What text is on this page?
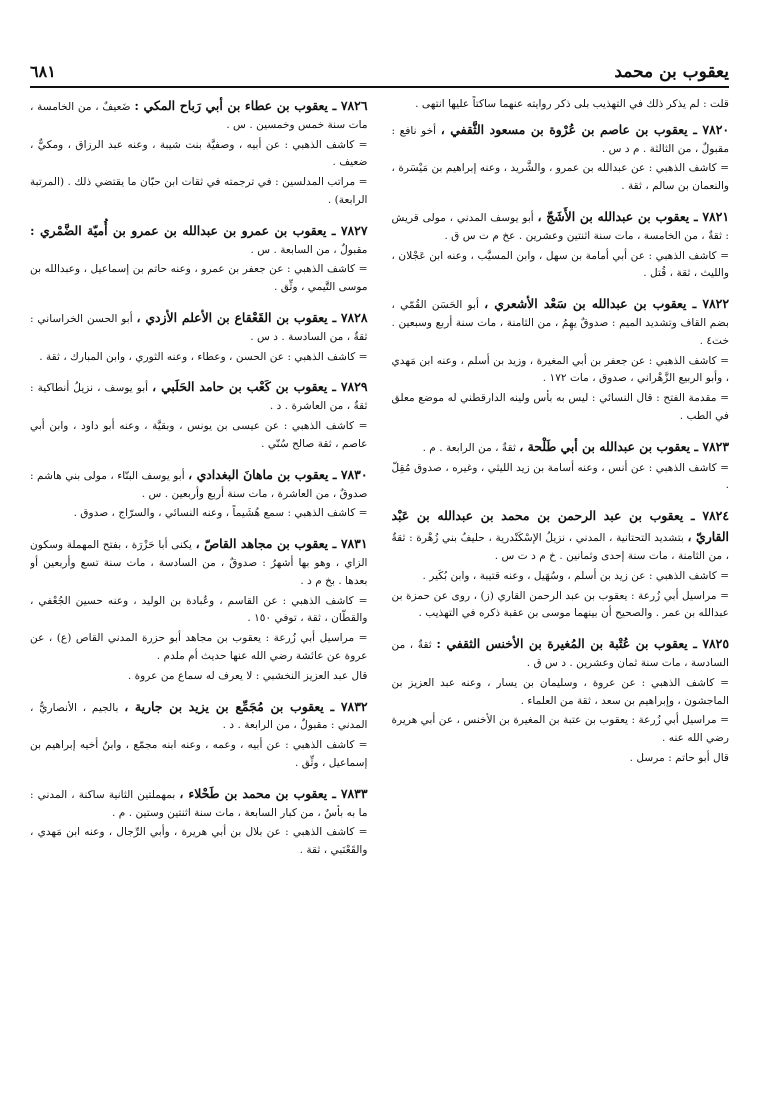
يعقوب بن محمد
٦٨١

قلت : لم يذكر ذلك في التهذيب بلى ذكر روايته عنهما ساكتاً عليها انتهى .

٧٨٢٠ ـ يعقوب بن عاصم بن عُرْوة بن مسعود الثَّقفي ، أخو نافع : مقبولٌ ، من الثالثة . م د س .

= كاشف الذهبي : عن عبدالله بن عمرو ، والشَّريد ، وعنه إبراهيم بن مَيْسَرة ، والنعمان بن سالم ، ثقة .

٧٨٢١ ـ يعقوب بن عبدالله بن الأَشَجّ ، أبو يوسف المدني ، مولى قريش : ثقةٌ ، من الخامسة ، مات سنة اثنتين وعشرين . عخ م ت س ق .

= كاشف الذهبي : عن أبي أمامة بن سهل ، وابن المسيَّب ، وعنه ابن عَجْلان ، والليث ، ثقة ، قُتل .

٧٨٢٢ ـ يعقوب بن عبدالله بن سَعْد الأشعري ، أبو الحَسَن القُمّي ، بضم القاف وتشديد الميم : صدوقٌ يهِمُ ، من الثامنة ، مات سنة أربع وسبعين . خت٤ .

= كاشف الذهبي : عن جعفر بن أبي المغيرة ، وزيد بن أسلم ، وعنه ابن مَهدي ، وأبو الربيع الزَّهْراني ، صدوق ، مات ١٧٢ .

= مقدمة الفتح : قال النسائي : ليس به بأس ولينه الدارقطني له موضع معلق في الطب .

٧٨٢٣ ـ يعقوب بن عبدالله بن أبي طَلْحة ، ثقةٌ ، من الرابعة . م .

= كاشف الذهبي : عن أنس ، وعنه أسامة بن زيد الليثي ، وغيره ، صدوق مُقِلّ .

٧٨٢٤ ـ يعقوب بن عبد الرحمن بن محمد بن عبدالله بن عَبْد القاريّ ، بتشديد التحتانية ، المدني ، نزيلُ الإسْكَنْدرية ، حليفُ بني زُهْرة : ثقةٌ ، من الثامنة ، مات سنة إحدى وثمانين . خ م د ت س .

= كاشف الذهبي : عن زيد بن أسلم ، وسُهَيل ، وعنه قتيبة ، وابن بُكَير .

= مراسيل أبي زُرعة : يعقوب بن عبد الرحمن القاري (ز) ، روى عن حمزة بن عبدالله بن عمر . والصحيح أن بينهما موسى بن عقبة ذكره في التهذيب .

٧٨٢٥ ـ يعقوب بن عُتْبة بن المُغيرة بن الأخنس الثقفي : ثقةٌ ، من السادسة ، مات سنة ثمان وعشرين . د س ق .

= كاشف الذهبي : عن عروة ، وسليمان بن يسار ، وعنه عبد العزيز بن الماجشون ، وإبراهيم بن سعد ، ثقة من العلماء .

= مراسيل أبي زُرعة : يعقوب بن عتبة بن المغيرة بن الأخنس ، عن أبي هريرة رضي الله عنه .

قال أبو حاتم : مرسل .

٧٨٢٦ ـ يعقوب بن عطاء بن أبي رَباح المكي : ضَعيفٌ ، من الخامسة ، مات سنة خمس وخمسين . س .

= كاشف الذهبي : عن أبيه ، وصفيَّة بنت شيبة ، وعنه عبد الرزاق ، ومكيٌّ ، ضعيف .

= مراتب المدلسين : في ترجمته في ثقات ابن حبّان ما يقتضي ذلك . (المرتبة الرابعة) .

٧٨٢٧ ـ يعقوب بن عمرو بن عبدالله بن عمرو بن أُميّة الضَّمْري : مقبولٌ ، من السابعة . س .

= كاشف الذهبي : عن جعفر بن عمرو ، وعنه حاتم بن إسماعيل ، وعبدالله بن موسى التَّيمي ، وثِّق .

٧٨٢٨ ـ يعقوب بن القَعْقاع بن الأعلم الأزدي ، أبو الحسن الخراساني : ثقةٌ ، من السادسة . د س .

= كاشف الذهبي : عن الحسن ، وعطاء ، وعنه الثوري ، وابن المبارك ، ثقة .

٧٨٢٩ ـ يعقوب بن كَعْب بن حامد الحَلَبي ، أبو يوسف ، نزيلُ أنطاكية : ثقةٌ ، من العاشرة . د .

= كاشف الذهبي : عن عيسى بن يونس ، وبقيَّة ، وعنه أبو داود ، وابن أبي عاصم ، ثقة صالح سُنّي .

٧٨٣٠ ـ يعقوب بن ماهانَ البغدادي ، أبو يوسف البنّاء ، مولى بني هاشم : صدوقٌ ، من العاشرة ، مات سنة أربع وأربعين . س .

= كاشف الذهبي : سمع هُشَيماً ، وعنه النسائي ، والسرّاج ، صدوق .

٧٨٣١ ـ يعقوب بن مجاهد القاصّ ، يكنى أبا حَزْرَة ، بفتح المهملة وسكون الزاي ، وهو بها أشهرُ : صدوقٌ ، من السادسة ، مات سنة تسع وأربعين أو بعدها . بخ م د .

= كاشف الذهبي : عن القاسم ، وعُبادة بن الوليد ، وعنه حسين الجُعْفي ، والقطّان ، ثقة ، توفي ١٥٠ .

= مراسيل أبي زُرعة : يعقوب بن مجاهد أبو حزرة المدني القاص (ع) ، عن عروة عن عائشة رضي الله عنها حديث أم ملدم .

قال عبد العزيز النخشبي : لا يعرف له سماع من عروة .

٧٨٣٢ ـ يعقوب بن مُجَمِّع بن يزيد بن جارية ، بالجيم ، الأنصاريُّ ، المدني : مقبولٌ ، من الرابعة . د .

= كاشف الذهبي : عن أبيه ، وعمه ، وعنه ابنه مجمّع ، وابنُ أخيه إبراهيم بن إسماعيل ، وثِّق .

٧٨٣٣ ـ يعقوب بن محمد بن طَحْلاء ، بمهملتين الثانية ساكنة ، المدني : ما به بأسٌ ، من كبار السابعة ، مات سنة اثنتين وستين . م .

= كاشف الذهبي : عن بلال بن أبي هريرة ، وأبي الرِّجال ، وعنه ابن مَهدي ، والقَعْنَبي ، ثقة .
